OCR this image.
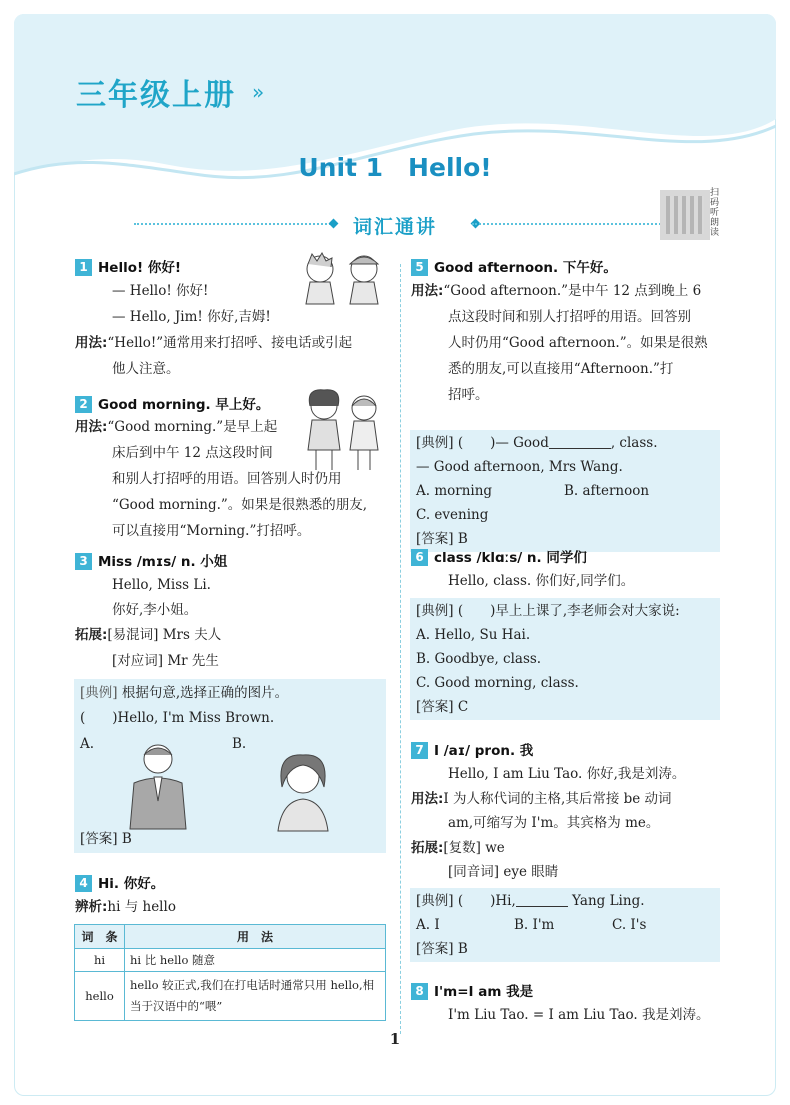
三年级上册 »
Unit 1　Hello!
词汇通讲
扫码听朗读
1 Hello! 你好!
— Hello! 你好!
— Hello, Jim! 你好,吉姆!
用法:“Hello!”通常用来打招呼、接电话或引起
他人注意。
2 Good morning. 早上好。
用法:“Good morning.”是早上起
床后到中午 12 点这段时间
和别人打招呼的用语。回答别人时仍用
“Good morning.”。如果是很熟悉的朋友,
可以直接用“Morning.”打招呼。
3 Miss /mɪs/ n. 小姐
Hello, Miss Li.
你好,李小姐。
拓展:[易混词] Mrs 夫人
[对应词] Mr 先生
[典例] 根据句意,选择正确的图片。
(　　)Hello, I'm Miss Brown.
A.	B.
[答案] B
4 Hi. 你好。
辨析:hi 与 hello
词　条	用　法
hi	hi 比 hello 随意
hello	hello 较正式,我们在打电话时通常只用 hello,相当于汉语中的“喂”
5 Good afternoon. 下午好。
用法:“Good afternoon.”是中午 12 点到晚上 6
点这段时间和别人打招呼的用语。回答别
人时仍用“Good afternoon.”。如果是很熟
悉的朋友,可以直接用“Afternoon.”打
招呼。
[典例] (　　)— Good	, class.
— Good afternoon, Mrs Wang.
A. morning	B. afternoon
C. evening
[答案] B
6 class /klɑːs/ n. 同学们
Hello, class. 你们好,同学们。
[典例] (　　)早上上课了,李老师会对大家说:
A. Hello, Su Hai.
B. Goodbye, class.
C. Good morning, class.
[答案] C
7 I /aɪ/ pron. 我
Hello, I am Liu Tao. 你好,我是刘涛。
用法:I 为人称代词的主格,其后常接 be 动词
am,可缩写为 I'm。其宾格为 me。
拓展:[复数] we
[同音词] eye 眼睛
[典例] (　　)Hi,	Yang Ling.
A. I	B. I'm	C. I's
[答案] B
8 I'm=I am 我是
I'm Liu Tao. = I am Liu Tao. 我是刘涛。
1
